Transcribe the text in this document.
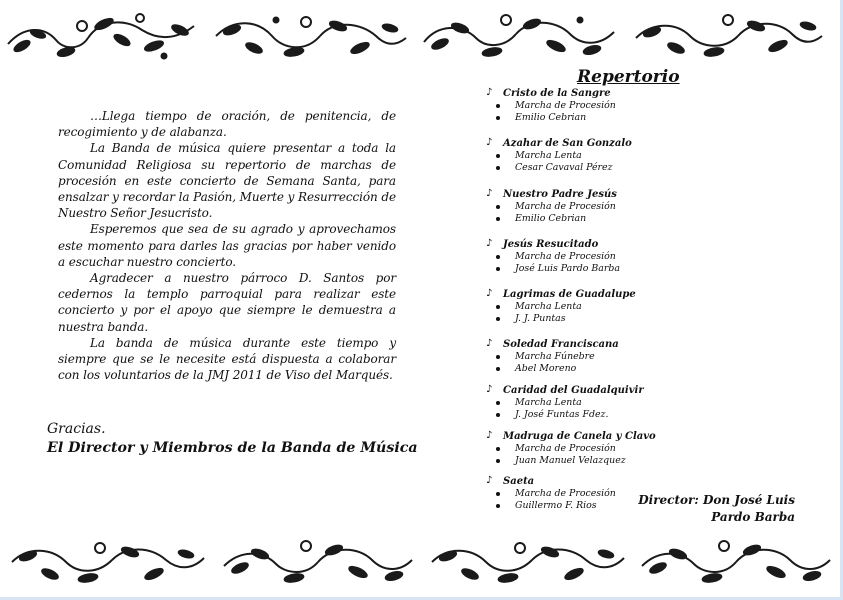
…Llega tiempo de oración, de penitencia, de recogimiento y de alabanza.

La Banda de música quiere presentar a toda la Comunidad Religiosa su repertorio de marchas de procesión en este concierto de Semana Santa, para ensalzar y recordar la Pasión, Muerte y Resurrección de Nuestro Señor Jesucristo.

Esperemos que sea de su agrado y aprovechamos este momento para darles las gracias por haber venido a escuchar nuestro concierto.

Agradecer a nuestro párroco D. Santos por cedernos la templo parroquial para realizar este concierto y por el apoyo que siempre le demuestra a nuestra banda.

La banda de música durante este tiempo y siempre que se le necesite está dispuesta a colaborar con los voluntarios de la JMJ 2011 de Viso del Marqués.

Gracias.
El Director y Miembros de la Banda de Música
Repertorio
♪ Cristo de la Sangre
Marcha de Procesión
Emilio Cebrian
♪ Azahar de San Gonzalo
Marcha Lenta
Cesar Cavaval Pérez
♪ Nuestro Padre Jesús
Marcha de Procesión
Emilio Cebrian
♪ Jesús Resucitado
Marcha de Procesión
José Luis Pardo Barba
♪ Lagrimas de Guadalupe
Marcha Lenta
J. J. Puntas
♪ Soledad Franciscana
Marcha Fúnebre
Abel Moreno
♪ Caridad del Guadalquivir
Marcha Lenta
J. José Funtas Fdez.
♪ Madruga de Canela y Clavo
Marcha de Procesión
Juan Manuel Velazquez
♪ Saeta
Marcha de Procesión
Guillermo F. Rios	Director: Don José Luis
Pardo Barba
